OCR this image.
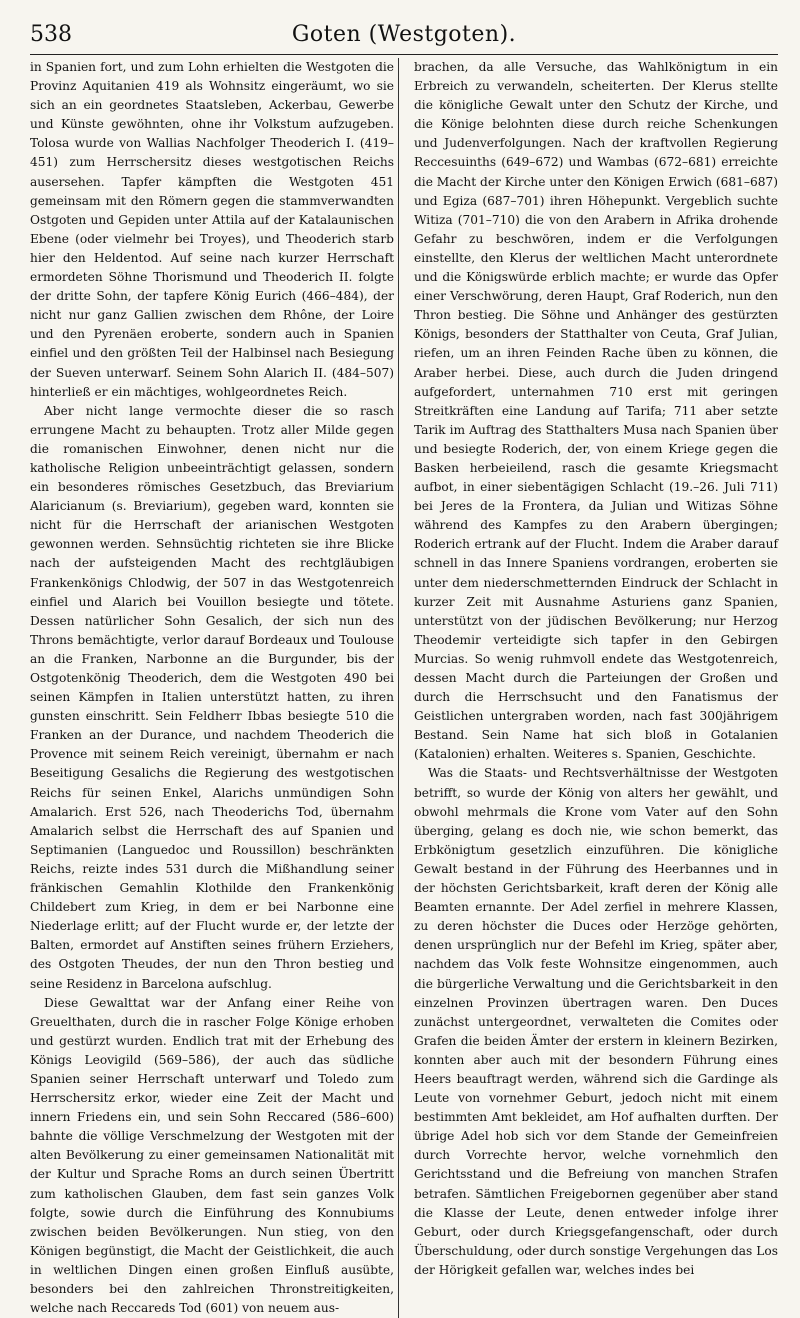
538	Goten (Westgoten).

in Spanien fort, und zum Lohn erhielten die Westgoten die Provinz Aquitanien 419 als Wohnsitz eingeräumt, wo sie sich an ein geordnetes Staatsleben, Ackerbau, Gewerbe und Künste gewöhnten, ohne ihr Volkstum aufzugeben. Tolosa wurde von Wallias Nachfolger Theoderich I. (419–451) zum Herrschersitz dieses westgotischen Reichs ausersehen. Tapfer kämpften die Westgoten 451 gemeinsam mit den Römern gegen die stammverwandten Ostgoten und Gepiden unter Attila auf der Katalaunischen Ebene (oder vielmehr bei Troyes), und Theoderich starb hier den Heldentod. Auf seine nach kurzer Herrschaft ermordeten Söhne Thorismund und Theoderich II. folgte der dritte Sohn, der tapfere König Eurich (466–484), der nicht nur ganz Gallien zwischen dem Rhône, der Loire und den Pyrenäen eroberte, sondern auch in Spanien einfiel und den größten Teil der Halbinsel nach Besiegung der Sueven unterwarf. Seinem Sohn Alarich II. (484–507) hinterließ er ein mächtiges, wohlgeordnetes Reich.

Aber nicht lange vermochte dieser die so rasch errungene Macht zu behaupten. Trotz aller Milde gegen die romanischen Einwohner, denen nicht nur die katholische Religion unbeeinträchtigt gelassen, sondern ein besonderes römisches Gesetzbuch, das Breviarium Alaricianum (s. Breviarium), gegeben ward, konnten sie nicht für die Herrschaft der arianischen Westgoten gewonnen werden. Sehnsüchtig richteten sie ihre Blicke nach der aufsteigenden Macht des rechtgläubigen Frankenkönigs Chlodwig, der 507 in das Westgotenreich einfiel und Alarich bei Vouillon besiegte und tötete. Dessen natürlicher Sohn Gesalich, der sich nun des Throns bemächtigte, verlor darauf Bordeaux und Toulouse an die Franken, Narbonne an die Burgunder, bis der Ostgotenkönig Theoderich, dem die Westgoten 490 bei seinen Kämpfen in Italien unterstützt hatten, zu ihren gunsten einschritt. Sein Feldherr Ibbas besiegte 510 die Franken an der Durance, und nachdem Theoderich die Provence mit seinem Reich vereinigt, übernahm er nach Beseitigung Gesalichs die Regierung des westgotischen Reichs für seinen Enkel, Alarichs unmündigen Sohn Amalarich. Erst 526, nach Theoderichs Tod, übernahm Amalarich selbst die Herrschaft des auf Spanien und Septimanien (Languedoc und Roussillon) beschränkten Reichs, reizte indes 531 durch die Mißhandlung seiner fränkischen Gemahlin Klothilde den Frankenkönig Childebert zum Krieg, in dem er bei Narbonne eine Niederlage erlitt; auf der Flucht wurde er, der letzte der Balten, ermordet auf Anstiften seines frühern Erziehers, des Ostgoten Theudes, der nun den Thron bestieg und seine Residenz in Barcelona aufschlug.

Diese Gewalttat war der Anfang einer Reihe von Greuelthaten, durch die in rascher Folge Könige erhoben und gestürzt wurden. Endlich trat mit der Erhebung des Königs Leovigild (569–586), der auch das südliche Spanien seiner Herrschaft unterwarf und Toledo zum Herrschersitz erkor, wieder eine Zeit der Macht und innern Friedens ein, und sein Sohn Reccared (586–600) bahnte die völlige Verschmelzung der Westgoten mit der alten Bevölkerung zu einer gemeinsamen Nationalität mit der Kultur und Sprache Roms an durch seinen Übertritt zum katholischen Glauben, dem fast sein ganzes Volk folgte, sowie durch die Einführung des Konnubiums zwischen beiden Bevölkerungen. Nun stieg, von den Königen begünstigt, die Macht der Geistlichkeit, die auch in weltlichen Dingen einen großen Einfluß ausübte, besonders bei den zahlreichen Thronstreitigkeiten, welche nach Reccareds Tod (601) von neuem aus-

brachen, da alle Versuche, das Wahlkönigtum in ein Erbreich zu verwandeln, scheiterten. Der Klerus stellte die königliche Gewalt unter den Schutz der Kirche, und die Könige belohnten diese durch reiche Schenkungen und Judenverfolgungen. Nach der kraftvollen Regierung Reccesuinths (649–672) und Wambas (672–681) erreichte die Macht der Kirche unter den Königen Erwich (681–687) und Egiza (687–701) ihren Höhepunkt. Vergeblich suchte Witiza (701–710) die von den Arabern in Afrika drohende Gefahr zu beschwören, indem er die Verfolgungen einstellte, den Klerus der weltlichen Macht unterordnete und die Königswürde erblich machte; er wurde das Opfer einer Verschwörung, deren Haupt, Graf Roderich, nun den Thron bestieg. Die Söhne und Anhänger des gestürzten Königs, besonders der Statthalter von Ceuta, Graf Julian, riefen, um an ihren Feinden Rache üben zu können, die Araber herbei. Diese, auch durch die Juden dringend aufgefordert, unternahmen 710 erst mit geringen Streitkräften eine Landung auf Tarifa; 711 aber setzte Tarik im Auftrag des Statthalters Musa nach Spanien über und besiegte Roderich, der, von einem Kriege gegen die Basken herbeieilend, rasch die gesamte Kriegsmacht aufbot, in einer siebentägigen Schlacht (19.–26. Juli 711) bei Jeres de la Frontera, da Julian und Witizas Söhne während des Kampfes zu den Arabern übergingen; Roderich ertrank auf der Flucht. Indem die Araber darauf schnell in das Innere Spaniens vordrangen, eroberten sie unter dem niederschmetternden Eindruck der Schlacht in kurzer Zeit mit Ausnahme Asturiens ganz Spanien, unterstützt von der jüdischen Bevölkerung; nur Herzog Theodemir verteidigte sich tapfer in den Gebirgen Murcias. So wenig ruhmvoll endete das Westgotenreich, dessen Macht durch die Parteiungen der Großen und durch die Herrschsucht und den Fanatismus der Geistlichen untergraben worden, nach fast 300jährigem Bestand. Sein Name hat sich bloß in Gotalanien (Katalonien) erhalten. Weiteres s. Spanien, Geschichte.

Was die Staats- und Rechtsverhältnisse der Westgoten betrifft, so wurde der König von alters her gewählt, und obwohl mehrmals die Krone vom Vater auf den Sohn überging, gelang es doch nie, wie schon bemerkt, das Erbkönigtum gesetzlich einzuführen. Die königliche Gewalt bestand in der Führung des Heerbannes und in der höchsten Gerichtsbarkeit, kraft deren der König alle Beamten ernannte. Der Adel zerfiel in mehrere Klassen, zu deren höchster die Duces oder Herzöge gehörten, denen ursprünglich nur der Befehl im Krieg, später aber, nachdem das Volk feste Wohnsitze eingenommen, auch die bürgerliche Verwaltung und die Gerichtsbarkeit in den einzelnen Provinzen übertragen waren. Den Duces zunächst untergeordnet, verwalteten die Comites oder Grafen die beiden Ämter der erstern in kleinern Bezirken, konnten aber auch mit der besondern Führung eines Heers beauftragt werden, während sich die Gardinge als Leute von vornehmer Geburt, jedoch nicht mit einem bestimmten Amt bekleidet, am Hof aufhalten durften. Der übrige Adel hob sich vor dem Stande der Gemeinfreien durch Vorrechte hervor, welche vornehmlich den Gerichtsstand und die Befreiung von manchen Strafen betrafen. Sämtlichen Freigebornen gegenüber aber stand die Klasse der Leute, denen entweder infolge ihrer Geburt, oder durch Kriegsgefangenschaft, oder durch Überschuldung, oder durch sonstige Vergehungen das Los der Hörigkeit gefallen war, welches indes bei
